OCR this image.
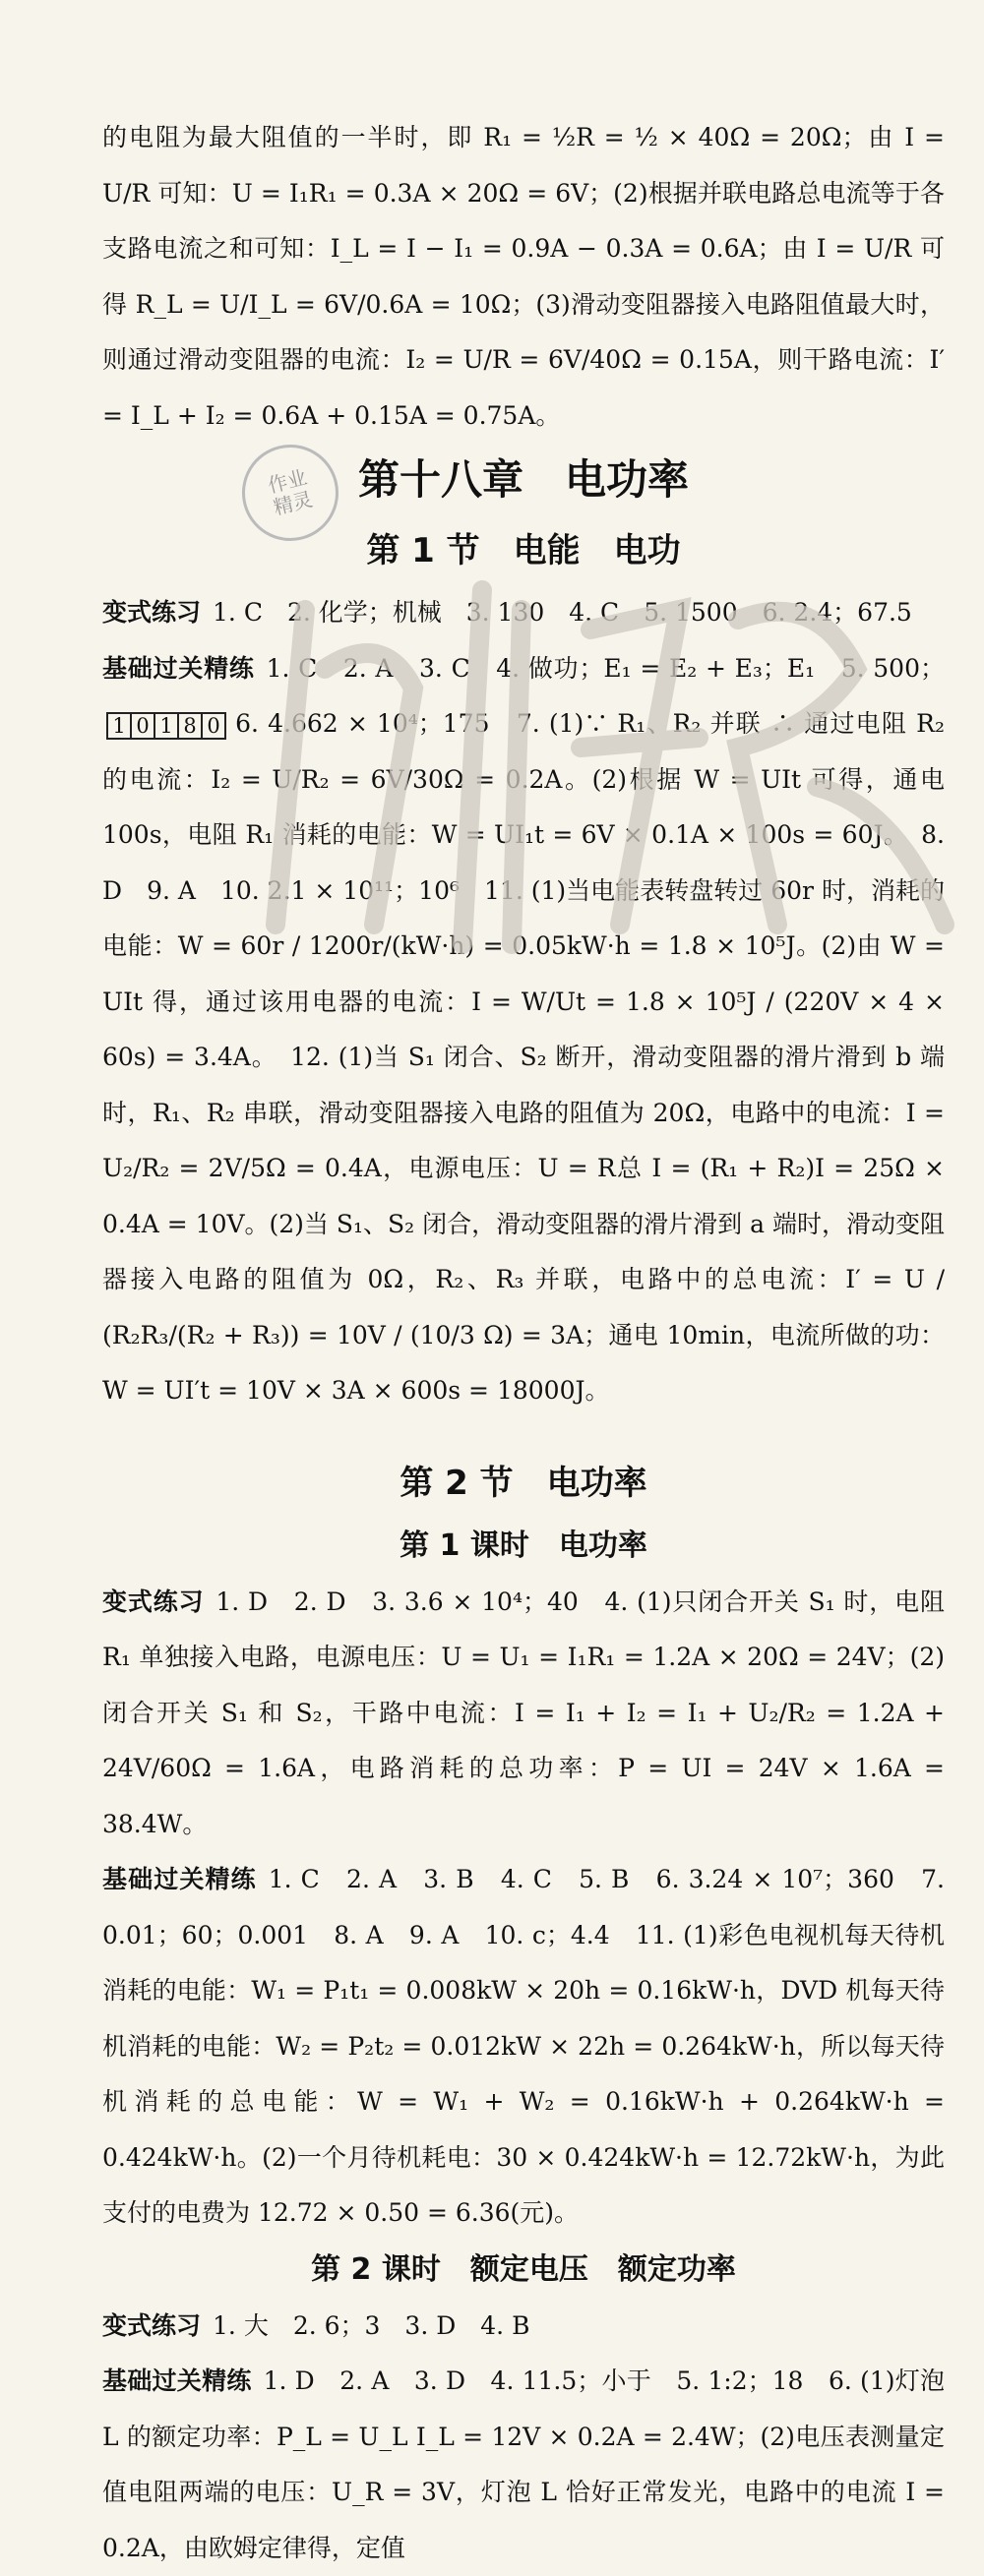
作业
精灵

的电阻为最大阻值的一半时，即 R₁ = ½R = ½ × 40Ω = 20Ω；由 I = U/R 可知：U = I₁R₁ = 0.3A × 20Ω = 6V；(2)根据并联电路总电流等于各支路电流之和可知：I_L = I − I₁ = 0.9A − 0.3A = 0.6A；由 I = U/R 可得 R_L = U/I_L = 6V/0.6A = 10Ω；(3)滑动变阻器接入电路阻值最大时，则通过滑动变阻器的电流：I₂ = U/R = 6V/40Ω = 0.15A，则干路电流：I′ = I_L + I₂ = 0.6A + 0.15A = 0.75A。

第十八章　电功率
第 1 节　电能　电功

变式练习 1. C　2. 化学；机械　3. 130　4. C　5. 1500　6. 2.4；67.5

基础过关精练 1. C　2. A　3. C　4. 做功；E₁ = E₂ + E₃；E₁　5. 500；
1 0 1 8 0 6. 4.662 × 10⁴；175　7. (1)∵ R₁、R₂ 并联 ∴ 通过电阻 R₂ 的电流：I₂ = U/R₂ = 6V/30Ω = 0.2A。(2)根据 W = UIt 可得，通电 100s，电阻 R₁ 消耗的电能：W = UI₁t = 6V × 0.1A × 100s = 60J。　8. D　9. A　10. 2.1 × 10¹¹；10⁶　11. (1)当电能表转盘转过 60r 时，消耗的电能：W = 60r / 1200r/(kW·h) = 0.05kW·h = 1.8 × 10⁵J。(2)由 W = UIt 得，通过该用电器的电流：I = W/Ut = 1.8 × 10⁵J / (220V × 4 × 60s) = 3.4A。　12. (1)当 S₁ 闭合、S₂ 断开，滑动变阻器的滑片滑到 b 端时，R₁、R₂ 串联，滑动变阻器接入电路的阻值为 20Ω，电路中的电流：I = U₂/R₂ = 2V/5Ω = 0.4A，电源电压：U = R总 I = (R₁ + R₂)I = 25Ω × 0.4A = 10V。(2)当 S₁、S₂ 闭合，滑动变阻器的滑片滑到 a 端时，滑动变阻器接入电路的阻值为 0Ω，R₂、R₃ 并联，电路中的总电流：I′ = U / (R₂R₃/(R₂ + R₃)) = 10V / (10/3 Ω) = 3A；通电 10min，电流所做的功：W = UI′t = 10V × 3A × 600s = 18000J。

第 2 节　电功率
第 1 课时　电功率

变式练习 1. D　2. D　3. 3.6 × 10⁴；40　4. (1)只闭合开关 S₁ 时，电阻 R₁ 单独接入电路，电源电压：U = U₁ = I₁R₁ = 1.2A × 20Ω = 24V；(2)闭合开关 S₁ 和 S₂，干路中电流：I = I₁ + I₂ = I₁ + U₂/R₂ = 1.2A + 24V/60Ω = 1.6A，电路消耗的总功率：P = UI = 24V × 1.6A = 38.4W。

基础过关精练 1. C　2. A　3. B　4. C　5. B　6. 3.24 × 10⁷；360　7. 0.01；60；0.001　8. A　9. A　10. c；4.4　11. (1)彩色电视机每天待机消耗的电能：W₁ = P₁t₁ = 0.008kW × 20h = 0.16kW·h，DVD 机每天待机消耗的电能：W₂ = P₂t₂ = 0.012kW × 22h = 0.264kW·h，所以每天待机消耗的总电能：W = W₁ + W₂ = 0.16kW·h + 0.264kW·h = 0.424kW·h。(2)一个月待机耗电：30 × 0.424kW·h = 12.72kW·h，为此支付的电费为 12.72 × 0.50 = 6.36(元)。

第 2 课时　额定电压　额定功率

变式练习 1. 大　2. 6；3　3. D　4. B

基础过关精练 1. D　2. A　3. D　4. 11.5；小于　5. 1:2；18　6. (1)灯泡 L 的额定功率：P_L = U_L I_L = 12V × 0.2A = 2.4W；(2)电压表测量定值电阻两端的电压：U_R = 3V，灯泡 L 恰好正常发光，电路中的电流 I = 0.2A，由欧姆定律得，定值
